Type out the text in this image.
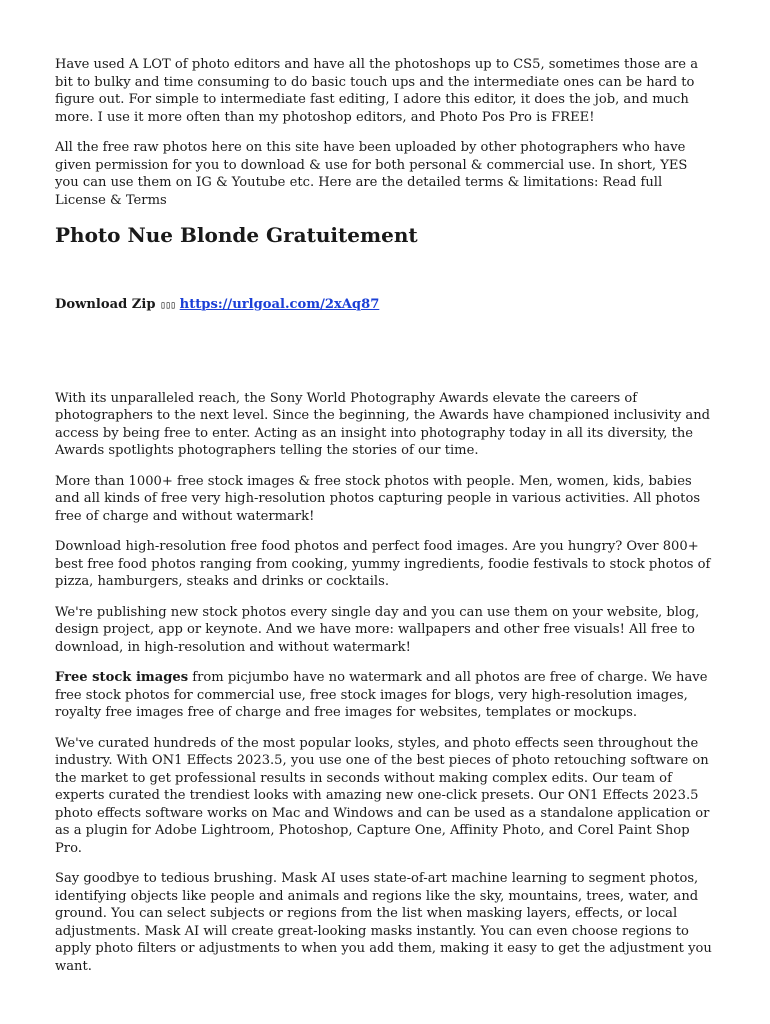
Have used A LOT of photo editors and have all the photoshops up to CS5, sometimes those are a bit to bulky and time consuming to do basic touch ups and the intermediate ones can be hard to figure out. For simple to intermediate fast editing, I adore this editor, it does the job, and much more. I use it more often than my photoshop editors, and Photo Pos Pro is FREE!

All the free raw photos here on this site have been uploaded by other photographers who have given permission for you to download & use for both personal & commercial use. In short, YES you can use them on IG & Youtube etc. Here are the detailed terms & limitations: Read full License & Terms

Photo Nue Blonde Gratuitement
Download Zip ▯▯▯ https://urlgoal.com/2xAq87

With its unparalleled reach, the Sony World Photography Awards elevate the careers of photographers to the next level. Since the beginning, the Awards have championed inclusivity and access by being free to enter. Acting as an insight into photography today in all its diversity, the Awards spotlights photographers telling the stories of our time.

More than 1000+ free stock images & free stock photos with people. Men, women, kids, babies and all kinds of free very high-resolution photos capturing people in various activities. All photos free of charge and without watermark!

Download high-resolution free food photos and perfect food images. Are you hungry? Over 800+ best free food photos ranging from cooking, yummy ingredients, foodie festivals to stock photos of pizza, hamburgers, steaks and drinks or cocktails.

We're publishing new stock photos every single day and you can use them on your website, blog, design project, app or keynote. And we have more: wallpapers and other free visuals! All free to download, in high-resolution and without watermark!

Free stock images from picjumbo have no watermark and all photos are free of charge. We have free stock photos for commercial use, free stock images for blogs, very high-resolution images, royalty free images free of charge and free images for websites, templates or mockups.

We've curated hundreds of the most popular looks, styles, and photo effects seen throughout the industry. With ON1 Effects 2023.5, you use one of the best pieces of photo retouching software on the market to get professional results in seconds without making complex edits. Our team of experts curated the trendiest looks with amazing new one-click presets. Our ON1 Effects 2023.5 photo effects software works on Mac and Windows and can be used as a standalone application or as a plugin for Adobe Lightroom, Photoshop, Capture One, Affinity Photo, and Corel Paint Shop Pro.

Say goodbye to tedious brushing. Mask AI uses state-of-art machine learning to segment photos, identifying objects like people and animals and regions like the sky, mountains, trees, water, and ground. You can select subjects or regions from the list when masking layers, effects, or local adjustments. Mask AI will create great-looking masks instantly. You can even choose regions to apply photo filters or adjustments to when you add them, making it easy to get the adjustment you want.
